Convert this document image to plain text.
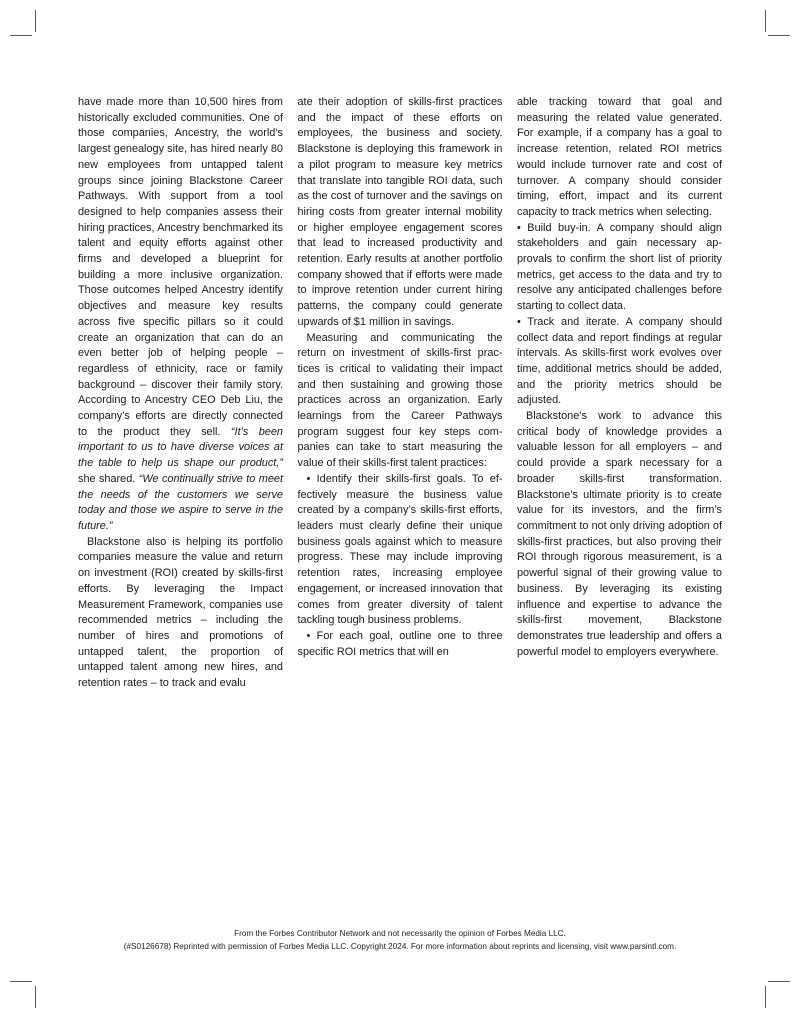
have made more than 10,500 hires from historically excluded communities. One of those companies, Ancestry, the world’s largest genealogy site, has hired nearly 80 new employees from untapped talent groups since joining Blackstone Career Pathways. With support from a tool designed to help companies assess their hiring practices, Ancestry benchmarked its talent and equity efforts against other firms and developed a blueprint for building a more inclusive organization. Those outcomes helped Ancestry identify objectives and measure key results across five specific pillars so it could create an organization that can do an even better job of helping people – regardless of ethnicity, race or family background – discover their family story. According to Ancestry CEO Deb Liu, the company’s efforts are directly connected to the product they sell. “It’s been important to us to have diverse voices at the table to help us shape our product,” she shared. “We continually strive to meet the needs of the customers we serve today and those we aspire to serve in the future.”

Blackstone also is helping its portfolio companies measure the value and return on investment (ROI) created by skills-first efforts. By leveraging the Impact Measurement Framework, companies use recommended metrics – including the number of hires and promotions of untapped talent, the proportion of untapped talent among new hires, and retention rates – to track and evalu

ate their adoption of skills-first practices and the impact of these efforts on employees, the business and society. Blackstone is deploying this framework in a pilot program to measure key metrics that translate into tangible ROI data, such as the cost of turnover and the savings on hiring costs from greater internal mobility or higher employee engagement scores that lead to increased productivity and retention. Early results at another portfolio company showed that if efforts were made to improve retention under current hiring patterns, the company could generate upwards of $1 million in savings.

Measuring and communicating the return on investment of skills-first practices is critical to validating their impact and then sustaining and growing those practices across an organization. Early learnings from the Career Pathways program suggest four key steps companies can take to start measuring the value of their skills-first talent practices:

• Identify their skills-first goals. To effectively measure the business value created by a company’s skills-first efforts, leaders must clearly define their unique business goals against which to measure progress. These may include improving retention rates, increasing employee engagement, or increased innovation that comes from greater diversity of talent tackling tough business problems.

• For each goal, outline one to three specific ROI metrics that will en

able tracking toward that goal and measuring the related value generated. For example, if a company has a goal to increase retention, related ROI metrics would include turnover rate and cost of turnover. A company should consider timing, effort, impact and its current capacity to track metrics when selecting.

• Build buy-in. A company should align stakeholders and gain necessary approvals to confirm the short list of priority metrics, get access to the data and try to resolve any anticipated challenges before starting to collect data.

• Track and iterate. A company should collect data and report findings at regular intervals. As skills-first work evolves over time, additional metrics should be added, and the priority metrics should be adjusted.

Blackstone’s work to advance this critical body of knowledge provides a valuable lesson for all employers – and could provide a spark necessary for a broader skills-first transformation. Blackstone’s ultimate priority is to create value for its investors, and the firm’s commitment to not only driving adoption of skills-first practices, but also proving their ROI through rigorous measurement, is a powerful signal of their growing value to business. By leveraging its existing influence and expertise to advance the skills-first movement, Blackstone demonstrates true leadership and offers a powerful model to employers everywhere.

From the Forbes Contributor Network and not necessarily the opinion of Forbes Media LLC.
(#S0126678) Reprinted with permission of Forbes Media LLC. Copyright 2024. For more information about reprints and licensing, visit www.parsintl.com.
